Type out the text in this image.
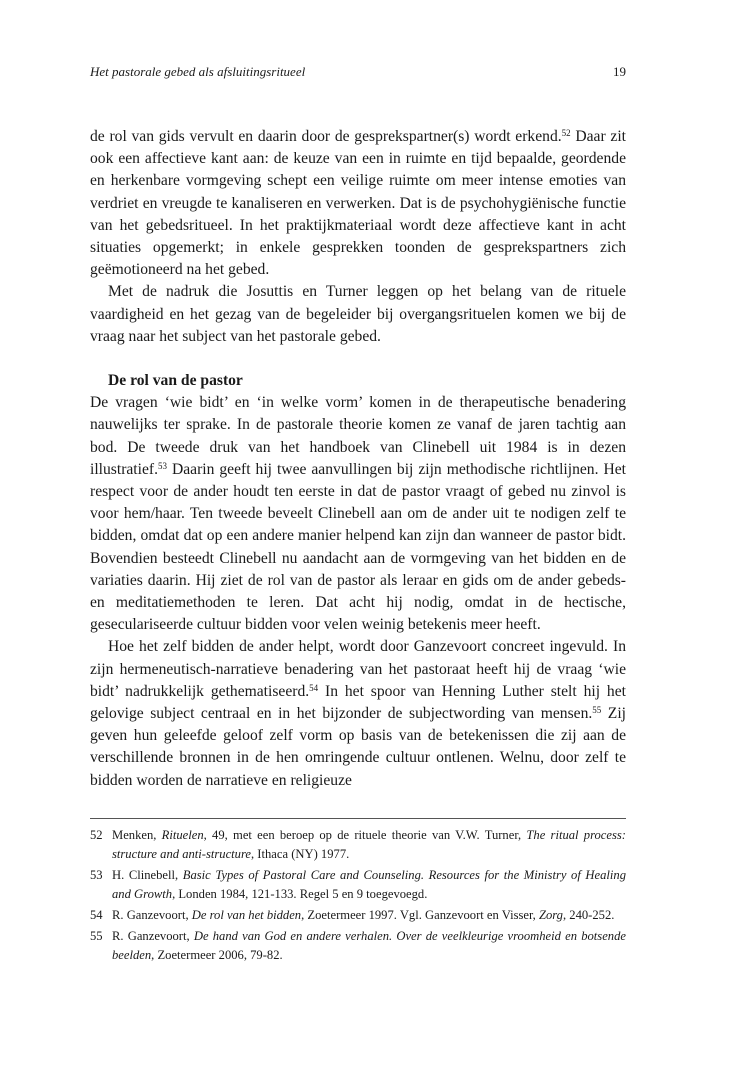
Het pastorale gebed als afsluitingsritueel	19

de rol van gids vervult en daarin door de gesprekspartner(s) wordt erkend.$^{52}$ Daar zit ook een affectieve kant aan: de keuze van een in ruimte en tijd bepaalde, geordende en herkenbare vormgeving schept een veilige ruimte om meer intense emoties van verdriet en vreugde te kanaliseren en verwerken. Dat is de psychohygiënische functie van het gebedsritueel. In het praktijkmateriaal wordt deze affectieve kant in acht situaties opgemerkt; in enkele gesprekken toonden de gesprekspartners zich geëmotioneerd na het gebed.

Met de nadruk die Josuttis en Turner leggen op het belang van de rituele vaardigheid en het gezag van de begeleider bij overgangsrituelen komen we bij de vraag naar het subject van het pastorale gebed.

De rol van de pastor

De vragen ‘wie bidt’ en ‘in welke vorm’ komen in de therapeutische benadering nauwelijks ter sprake. In de pastorale theorie komen ze vanaf de jaren tachtig aan bod. De tweede druk van het handboek van Clinebell uit 1984 is in dezen illustratief.$^{53}$ Daarin geeft hij twee aanvullingen bij zijn methodische richtlijnen. Het respect voor de ander houdt ten eerste in dat de pastor vraagt of gebed nu zinvol is voor hem/haar. Ten tweede beveelt Clinebell aan om de ander uit te nodigen zelf te bidden, omdat dat op een andere manier helpend kan zijn dan wanneer de pastor bidt. Bovendien besteedt Clinebell nu aandacht aan de vormgeving van het bidden en de variaties daarin. Hij ziet de rol van de pastor als leraar en gids om de ander gebeds- en meditatiemethoden te leren. Dat acht hij nodig, omdat in de hectische, geseculariseerde cultuur bidden voor velen weinig betekenis meer heeft.

Hoe het zelf bidden de ander helpt, wordt door Ganzevoort concreet ingevuld. In zijn hermeneutisch-narratieve benadering van het pastoraat heeft hij de vraag ‘wie bidt’ nadrukkelijk gethematiseerd.$^{54}$ In het spoor van Henning Luther stelt hij het gelovige subject centraal en in het bijzonder de subjectwording van mensen.$^{55}$ Zij geven hun geleefde geloof zelf vorm op basis van de betekenissen die zij aan de verschillende bronnen in de hen omringende cultuur ontlenen. Welnu, door zelf te bidden worden de narratieve en religieuze

52 Menken, Rituelen, 49, met een beroep op de rituele theorie van V.W. Turner, The ritual process: structure and anti-structure, Ithaca (NY) 1977.
53 H. Clinebell, Basic Types of Pastoral Care and Counseling. Resources for the Ministry of Healing and Growth, Londen 1984, 121-133. Regel 5 en 9 toegevoegd.
54 R. Ganzevoort, De rol van het bidden, Zoetermeer 1997. Vgl. Ganzevoort en Visser, Zorg, 240-252.
55 R. Ganzevoort, De hand van God en andere verhalen. Over de veelkleurige vroomheid en botsende beelden, Zoetermeer 2006, 79-82.
